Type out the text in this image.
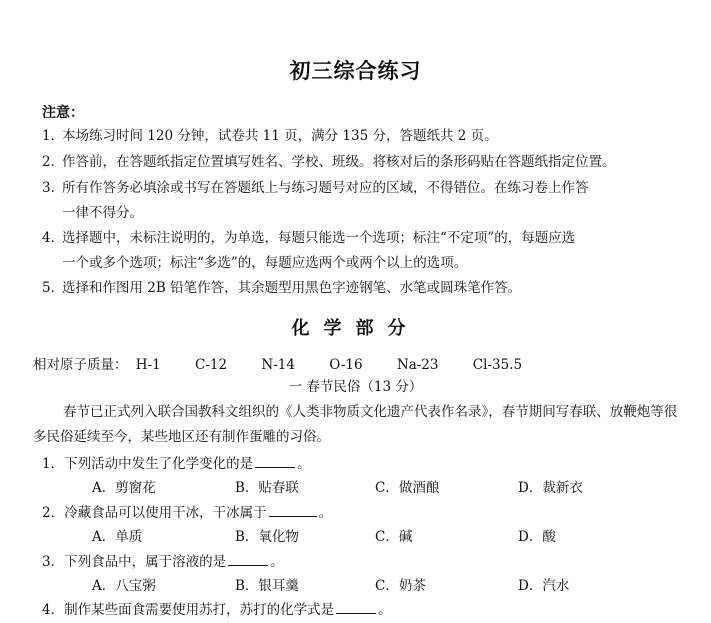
初三综合练习
注意：
1．
本场练习时间 120 分钟，试卷共 11 页，满分 135 分，答题纸共 2 页。
2．
作答前，在答题纸指定位置填写姓名、学校、班级。将核对后的条形码贴在答题纸指定位置。
3．
所有作答务必填涂或书写在答题纸上与练习题号对应的区域，不得错位。在练习卷上作答
一律不得分。
4．
选择题中，未标注说明的，为单选，每题只能选一个选项；标注“不定项”的，每题应选
一个或多个选项；标注“多选”的，每题应选两个或两个以上的选项。
5．
选择和作图用 2B 铅笔作答，其余题型用黑色字迹钢笔、水笔或圆珠笔作答。
化学部分
相对原子质量： H-1	C-12	N-14	O-16	Na-23	Cl-35.5
一 春节民俗（13 分）
春节已正式列入联合国教科文组织的《人类非物质文化遗产代表作名录》，春节期间写春联、放鞭炮等很多民俗延续至今，某些地区还有制作蛋雕的习俗。
1．下列活动中发生了化学变化的是	。
A．剪窗花	B．贴春联	C．做酒酿	D．裁新衣
2．冷藏食品可以使用干冰，干冰属于	。
A．单质	B．氧化物	C．碱	D．酸
3．下列食品中，属于溶液的是	。
A．八宝粥	B．银耳羹	C．奶茶	D．汽水
4．制作某些面食需要使用苏打，苏打的化学式是	。
